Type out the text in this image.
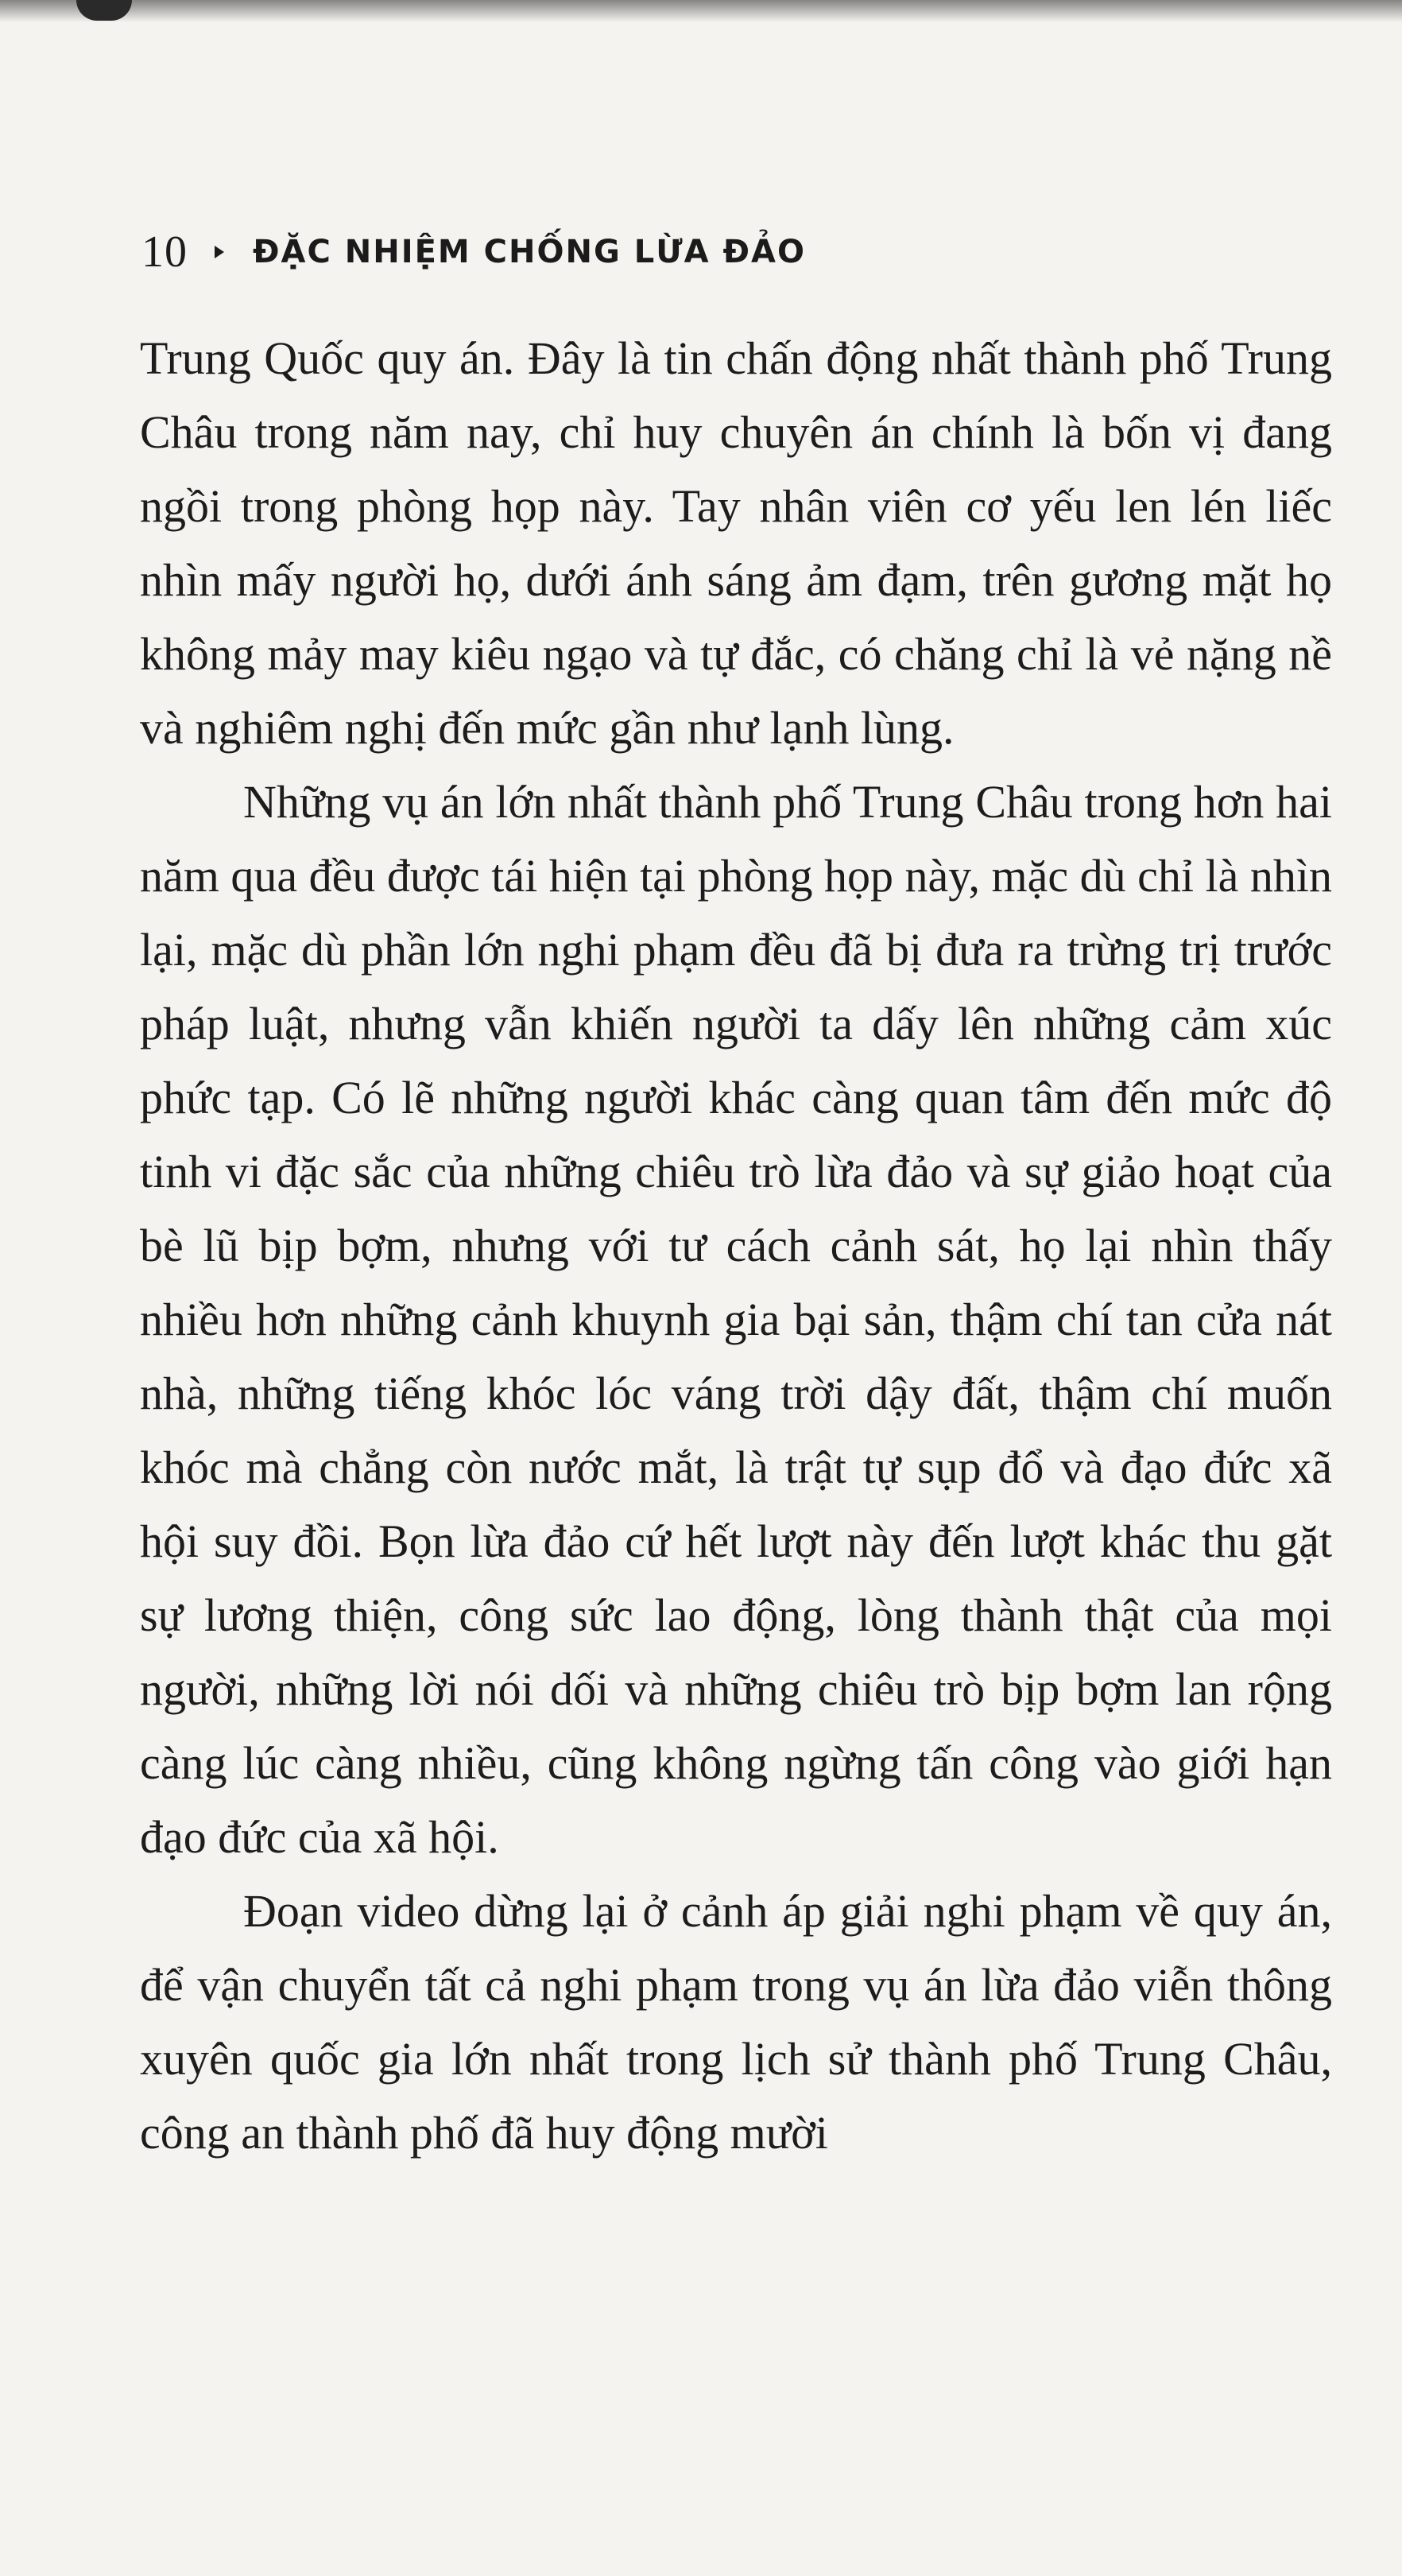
10 ĐẶC NHIỆM CHỐNG LỪA ĐẢO

Trung Quốc quy án. Đây là tin chấn động nhất thành phố Trung Châu trong năm nay, chỉ huy chuyên án chính là bốn vị đang ngồi trong phòng họp này. Tay nhân viên cơ yếu len lén liếc nhìn mấy người họ, dưới ánh sáng ảm đạm, trên gương mặt họ không mảy may kiêu ngạo và tự đắc, có chăng chỉ là vẻ nặng nề và nghiêm nghị đến mức gần như lạnh lùng.

Những vụ án lớn nhất thành phố Trung Châu trong hơn hai năm qua đều được tái hiện tại phòng họp này, mặc dù chỉ là nhìn lại, mặc dù phần lớn nghi phạm đều đã bị đưa ra trừng trị trước pháp luật, nhưng vẫn khiến người ta dấy lên những cảm xúc phức tạp. Có lẽ những người khác càng quan tâm đến mức độ tinh vi đặc sắc của những chiêu trò lừa đảo và sự giảo hoạt của bè lũ bịp bợm, nhưng với tư cách cảnh sát, họ lại nhìn thấy nhiều hơn những cảnh khuynh gia bại sản, thậm chí tan cửa nát nhà, những tiếng khóc lóc váng trời dậy đất, thậm chí muốn khóc mà chẳng còn nước mắt, là trật tự sụp đổ và đạo đức xã hội suy đồi. Bọn lừa đảo cứ hết lượt này đến lượt khác thu gặt sự lương thiện, công sức lao động, lòng thành thật của mọi người, những lời nói dối và những chiêu trò bịp bợm lan rộng càng lúc càng nhiều, cũng không ngừng tấn công vào giới hạn đạo đức của xã hội.

Đoạn video dừng lại ở cảnh áp giải nghi phạm về quy án, để vận chuyển tất cả nghi phạm trong vụ án lừa đảo viễn thông xuyên quốc gia lớn nhất trong lịch sử thành phố Trung Châu, công an thành phố đã huy động mười
